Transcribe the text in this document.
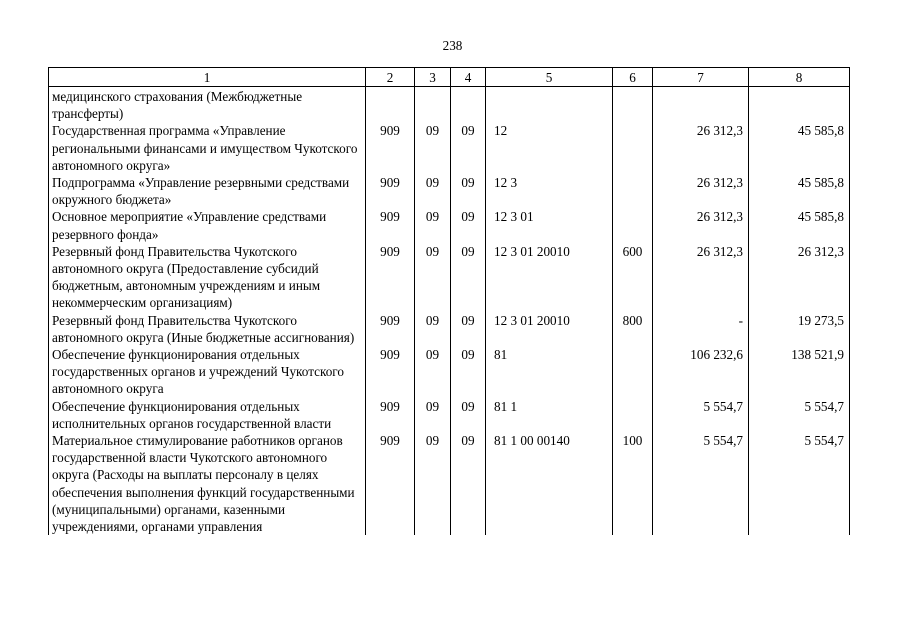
238
1	2	3	4	5	6	7	8
медицинского страхования (Межбюджетные трансферты)							
Государственная программа «Управление региональными финансами и имуществом Чукотского автономного округа»	909	09	09	12		26 312,3	45 585,8
Подпрограмма «Управление резервными средствами окружного бюджета»	909	09	09	12 3		26 312,3	45 585,8
Основное мероприятие «Управление средствами резервного фонда»	909	09	09	12 3 01		26 312,3	45 585,8
Резервный фонд Правительства Чукотского автономного округа (Предоставление субсидий бюджетным, автономным учреждениям и иным некоммерческим организациям)	909	09	09	12 3 01 20010	600	26 312,3	26 312,3
Резервный фонд Правительства Чукотского автономного округа (Иные бюджетные ассигнования)	909	09	09	12 3 01 20010	800	-	19 273,5
Обеспечение функционирования отдельных государственных органов и учреждений Чукотского автономного округа	909	09	09	81		106 232,6	138 521,9
Обеспечение функционирования отдельных исполнительных органов государственной власти	909	09	09	81 1		5 554,7	5 554,7
Материальное стимулирование работников органов государственной власти Чукотского автономного округа (Расходы на выплаты персоналу в целях обеспечения выполнения функций государственными (муниципальными) органами, казенными учреждениями, органами управления	909	09	09	81 1 00 00140	100	5 554,7	5 554,7
